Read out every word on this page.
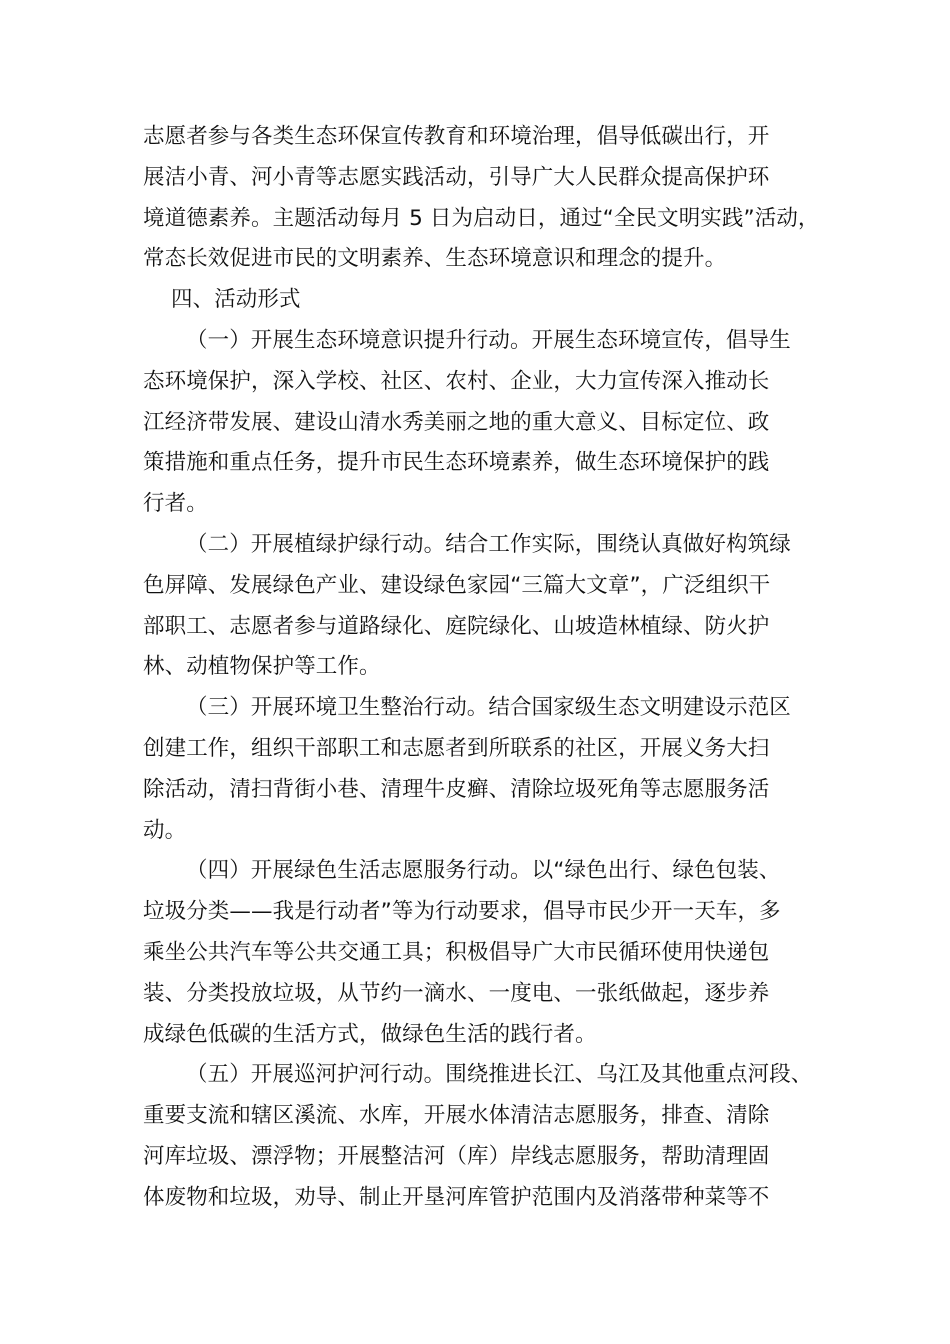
志愿者参与各类生态环保宣传教育和环境治理，倡导低碳出行，开
展洁小青、河小青等志愿实践活动，引导广大人民群众提高保护环
境道德素养。主题活动每月 5 日为启动日，通过“全民文明实践”活动，
常态长效促进市民的文明素养、生态环境意识和理念的提升。

四、活动形式

（一）开展生态环境意识提升行动。开展生态环境宣传，倡导生
态环境保护，深入学校、社区、农村、企业，大力宣传深入推动长
江经济带发展、建设山清水秀美丽之地的重大意义、目标定位、政
策措施和重点任务，提升市民生态环境素养，做生态环境保护的践
行者。

（二）开展植绿护绿行动。结合工作实际，围绕认真做好构筑绿
色屏障、发展绿色产业、建设绿色家园“三篇大文章”，广泛组织干
部职工、志愿者参与道路绿化、庭院绿化、山坡造林植绿、防火护
林、动植物保护等工作。

（三）开展环境卫生整治行动。结合国家级生态文明建设示范区
创建工作，组织干部职工和志愿者到所联系的社区，开展义务大扫
除活动，清扫背街小巷、清理牛皮癣、清除垃圾死角等志愿服务活
动。

（四）开展绿色生活志愿服务行动。以“绿色出行、绿色包装、
垃圾分类——我是行动者”等为行动要求，倡导市民少开一天车，多
乘坐公共汽车等公共交通工具；积极倡导广大市民循环使用快递包
装、分类投放垃圾，从节约一滴水、一度电、一张纸做起，逐步养
成绿色低碳的生活方式，做绿色生活的践行者。

（五）开展巡河护河行动。围绕推进长江、乌江及其他重点河段、
重要支流和辖区溪流、水库，开展水体清洁志愿服务，排查、清除
河库垃圾、漂浮物；开展整洁河（库）岸线志愿服务，帮助清理固
体废物和垃圾，劝导、制止开垦河库管护范围内及消落带种菜等不
